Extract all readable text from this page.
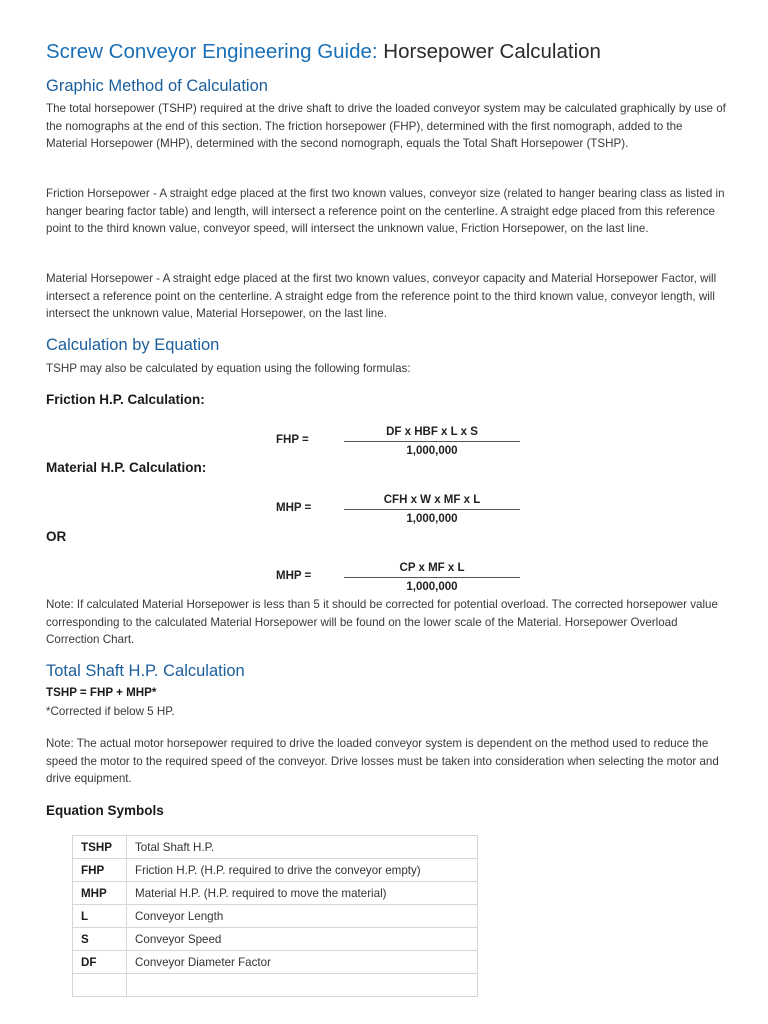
Screw Conveyor Engineering Guide: Horsepower Calculation
Graphic Method of Calculation

The total horsepower (TSHP) required at the drive shaft to drive the loaded conveyor system may be calculated graphically by use of the nomographs at the end of this section. The friction horsepower (FHP), determined with the first nomograph, added to the Material Horsepower (MHP), determined with the second nomograph, equals the Total Shaft Horsepower (TSHP).

Friction Horsepower - A straight edge placed at the first two known values, conveyor size (related to hanger bearing class as listed in hanger bearing factor table) and length, will intersect a reference point on the centerline. A straight edge placed from this reference point to the third known value, conveyor speed, will intersect the unknown value, Friction Horsepower, on the last line.

Material Horsepower - A straight edge placed at the first two known values, conveyor capacity and Material Horsepower Factor, will intersect a reference point on the centerline. A straight edge from the reference point to the third known value, conveyor length, will intersect the unknown value, Material Horsepower, on the last line.

Calculation by Equation

TSHP may also be calculated by equation using the following formulas:

Friction H.P. Calculation:
FHP =
DF x HBF x L x S
1,000,000
Material H.P. Calculation:
MHP =
CFH x W x MF x L
1,000,000
OR
MHP =	$\frac{\text{CP x MF x L}}{1,000,000}$

Note: If calculated Material Horsepower is less than 5 it should be corrected for potential overload. The corrected horsepower value corresponding to the calculated Material Horsepower will be found on the lower scale of the Material. Horsepower Overload Correction Chart.

Total Shaft H.P. Calculation

TSHP = FHP + MHP*

*Corrected if below 5 HP.

Note: The actual motor horsepower required to drive the loaded conveyor system is dependent on the method used to reduce the speed the motor to the required speed of the conveyor. Drive losses must be taken into consideration when selecting the motor and drive equipment.

Equation Symbols
TSHP	Total Shaft H.P.
FHP	Friction H.P. (H.P. required to drive the conveyor empty)
MHP	Material H.P. (H.P. required to move the material)
L	Conveyor Length
S	Conveyor Speed
DF	Conveyor Diameter Factor
